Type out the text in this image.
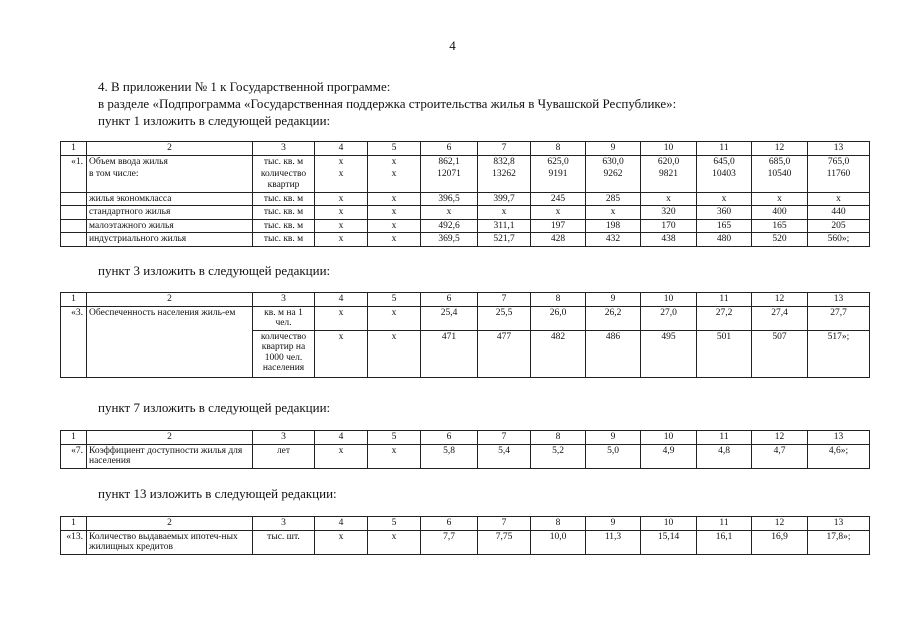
4
4. В приложении № 1 к Государственной программе:
в разделе «Подпрограмма «Государственная поддержка строительства жилья в Чувашской Республике»:
пункт 1 изложить в следующей редакции:
1	2	3	4	5	6	7	8	9	10	11	12	13
«1.	Объем ввода жилья	тыс. кв. м	х	х	862,1	832,8	625,0	630,0	620,0	645,0	685,0	765,0
	в том числе:	количество квартир	х	х	12071	13262	9191	9262	9821	10403	10540	11760
	жилья экономкласса	тыс. кв. м	х	х	396,5	399,7	245	285	х	х	х	х
	стандартного жилья	тыс. кв. м	х	х	х	х	х	х	320	360	400	440
	малоэтажного жилья	тыс. кв. м	х	х	492,6	311,1	197	198	170	165	165	205
	индустриального жилья	тыс. кв. м	х	х	369,5	521,7	428	432	438	480	520	560»;
пункт 3 изложить в следующей редакции:
1	2	3	4	5	6	7	8	9	10	11	12	13
«3.	Обеспеченность населения жиль-ем	кв. м на 1 чел.	х	х	25,4	25,5	26,0	26,2	27,0	27,2	27,4	27,7
		количество квартир на 1000 чел. населения	х	х	471	477	482	486	495	501	507	517»;
пункт 7 изложить в следующей редакции:
1	2	3	4	5	6	7	8	9	10	11	12	13
«7.	Коэффициент доступности жилья для населения	лет	х	х	5,8	5,4	5,2	5,0	4,9	4,8	4,7	4,6»;
пункт 13 изложить в следующей редакции:
1	2	3	4	5	6	7	8	9	10	11	12	13
«13.	Количество выдаваемых ипотеч-ных жилищных кредитов	тыс. шт.	х	х	7,7	7,75	10,0	11,3	15,14	16,1	16,9	17,8»;
